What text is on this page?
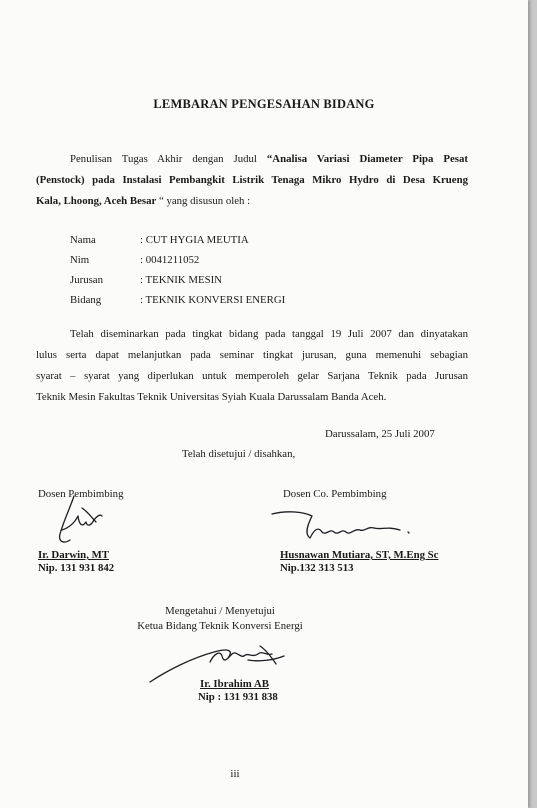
LEMBARAN PENGESAHAN BIDANG
Penulisan Tugas Akhir dengan Judul “Analisa Variasi Diameter Pipa Pesat
(Penstock) pada Instalasi Pembangkit Listrik Tenaga Mikro Hydro di Desa Krueng
Kala, Lhoong, Aceh Besar “ yang disusun oleh :
Nama	: CUT HYGIA MEUTIA
Nim	: 0041211052
Jurusan	: TEKNIK MESIN
Bidang	: TEKNIK KONVERSI ENERGI
Telah diseminarkan pada tingkat bidang pada tanggal 19 Juli 2007 dan dinyatakan
lulus serta dapat melanjutkan pada seminar tingkat jurusan, guna memenuhi sebagian
syarat – syarat yang diperlukan untuk memperoleh gelar Sarjana Teknik pada Jurusan
Teknik Mesin Fakultas Teknik Universitas Syiah Kuala Darussalam Banda Aceh.
Darussalam, 25 Juli 2007
Telah disetujui / disahkan,
Dosen Pembimbing
Ir. Darwin, MT
Nip. 131 931 842
Dosen Co. Pembimbing
Husnawan Mutiara, ST, M.Eng Sc
Nip.132 313 513
Mengetahui / Menyetujui
Ketua Bidang Teknik Konversi Energi
Ir. Ibrahim AB
Nip : 131 931 838
iii
